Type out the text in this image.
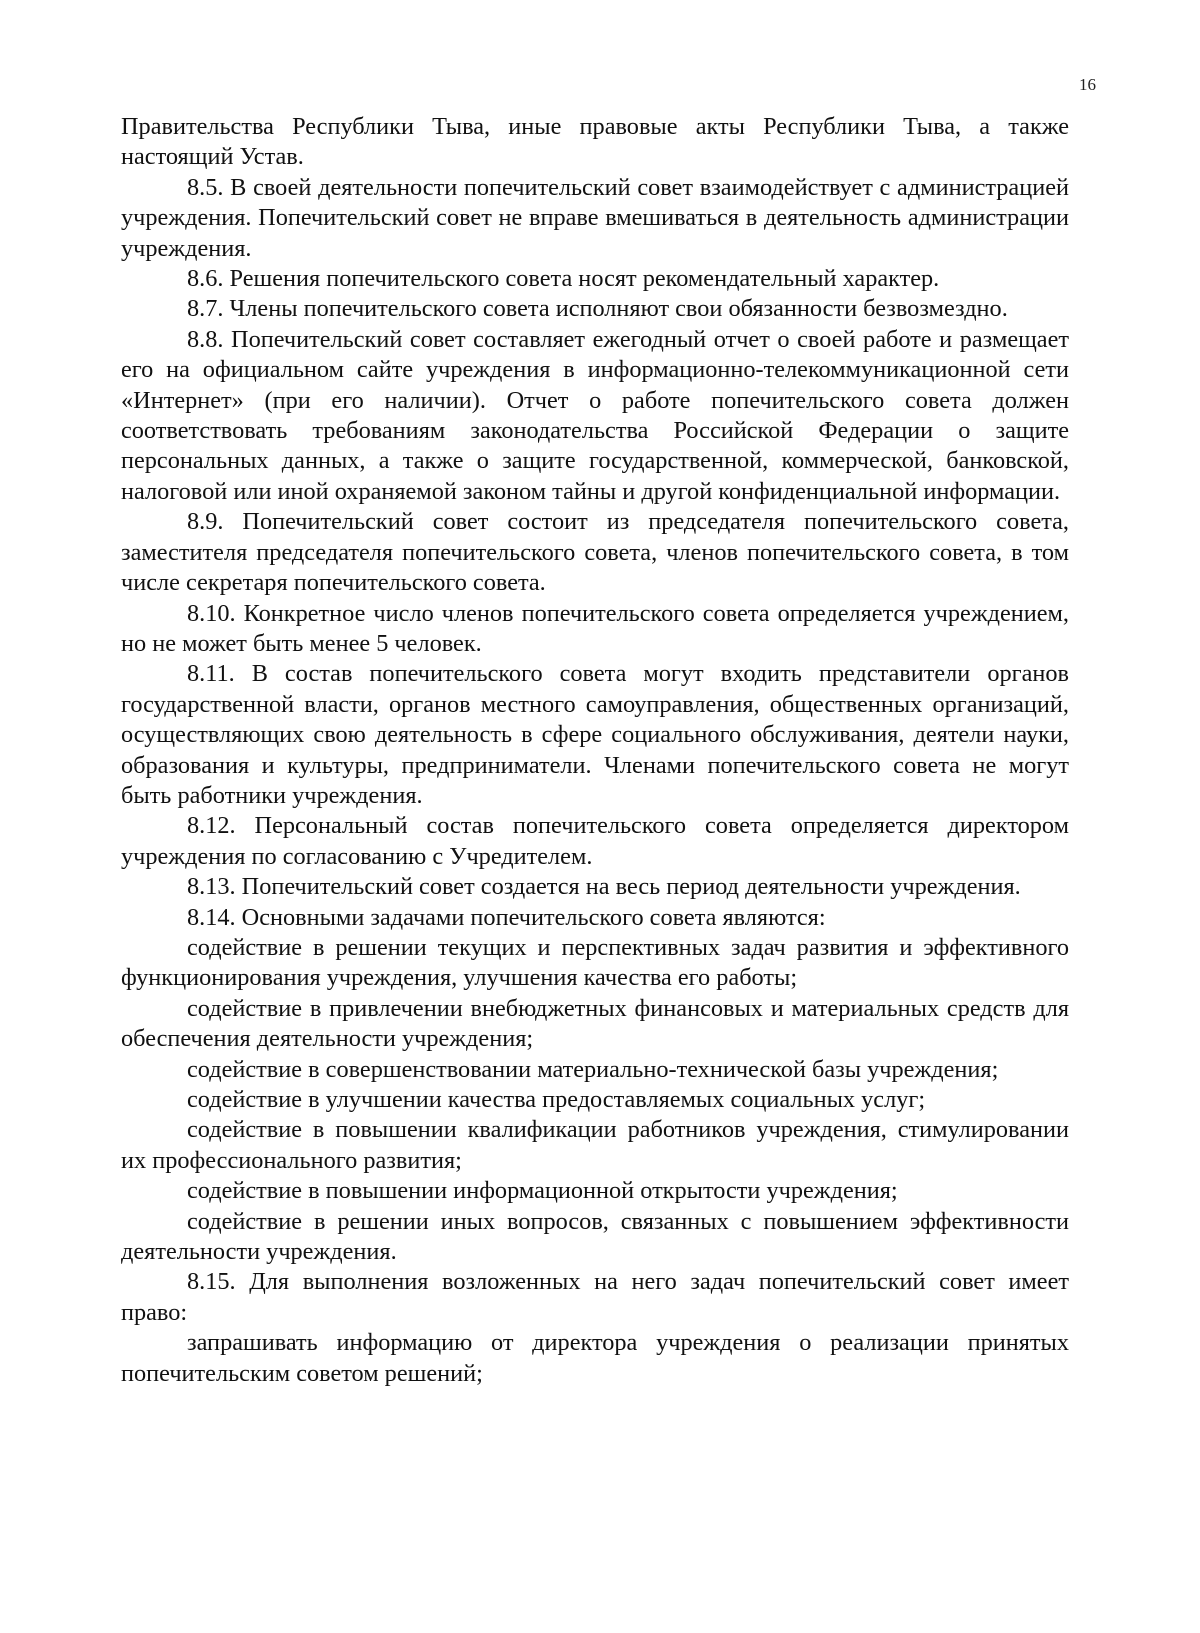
16

Правительства Республики Тыва, иные правовые акты Республики Тыва, а также настоящий Устав.

8.5. В своей деятельности попечительский совет взаимодействует с администрацией учреждения. Попечительский совет не вправе вмешиваться в деятельность администрации учреждения.

8.6. Решения попечительского совета носят рекомендательный характер.

8.7. Члены попечительского совета исполняют свои обязанности безвозмездно.

8.8. Попечительский совет составляет ежегодный отчет о своей работе и размещает его на официальном сайте учреждения в информационно-телекоммуникационной сети «Интернет» (при его наличии). Отчет о работе попечительского совета должен соответствовать требованиям законодательства Российской Федерации о защите персональных данных, а также о защите государственной, коммерческой, банковской, налоговой или иной охраняемой законом тайны и другой конфиденциальной информации.

8.9. Попечительский совет состоит из председателя попечительского совета, заместителя председателя попечительского совета, членов попечительского совета, в том числе секретаря попечительского совета.

8.10. Конкретное число членов попечительского совета определяется учреждением, но не может быть менее 5 человек.

8.11. В состав попечительского совета могут входить представители органов государственной власти, органов местного самоуправления, общественных организаций, осуществляющих свою деятельность в сфере социального обслуживания, деятели науки, образования и культуры, предприниматели. Членами попечительского совета не могут быть работники учреждения.

8.12. Персональный состав попечительского совета определяется директором учреждения по согласованию с Учредителем.

8.13. Попечительский совет создается на весь период деятельности учреждения.

8.14. Основными задачами попечительского совета являются:

содействие в решении текущих и перспективных задач развития и эффективного функционирования учреждения, улучшения качества его работы;

содействие в привлечении внебюджетных финансовых и материальных средств для обеспечения деятельности учреждения;

содействие в совершенствовании материально-технической базы учреждения;

содействие в улучшении качества предоставляемых социальных услуг;

содействие в повышении квалификации работников учреждения, стимулировании их профессионального развития;

содействие в повышении информационной открытости учреждения;

содействие в решении иных вопросов, связанных с повышением эффективности деятельности учреждения.

8.15. Для выполнения возложенных на него задач попечительский совет имеет право:

запрашивать информацию от директора учреждения о реализации принятых попечительским советом решений;
